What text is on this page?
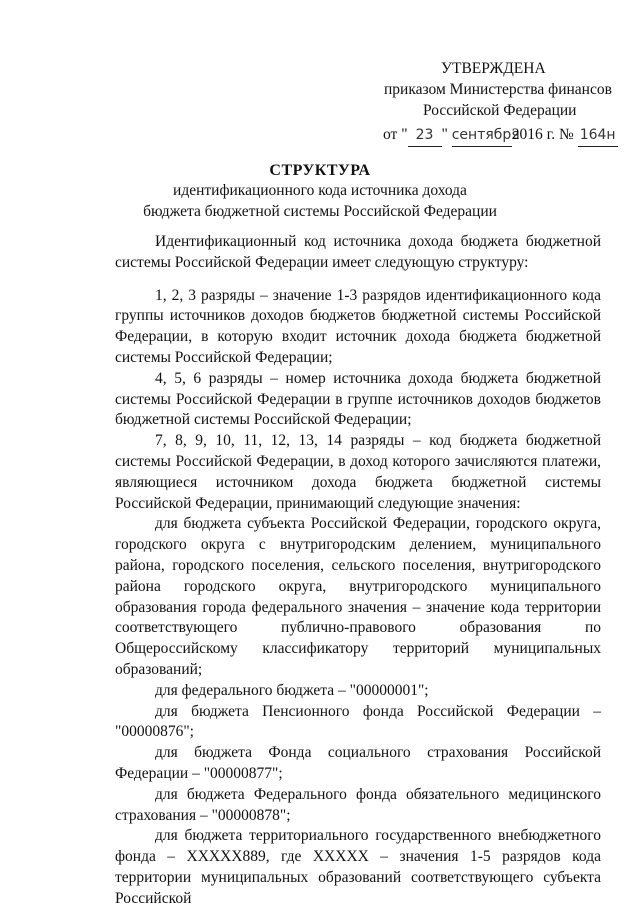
УТВЕРЖДЕНА
приказом Министерства финансов
Российской Федерации
от " 23 " сентября2016 г. № 164н
СТРУКТУРА
идентификационного кода источника дохода
бюджета бюджетной системы Российской Федерации

Идентификационный код источника дохода бюджета бюджетной системы Российской Федерации имеет следующую структуру:

1, 2, 3 разряды – значение 1-3 разрядов идентификационного кода группы источников доходов бюджетов бюджетной системы Российской Федерации, в которую входит источник дохода бюджета бюджетной системы Российской Федерации;

4, 5, 6 разряды – номер источника дохода бюджета бюджетной системы Российской Федерации в группе источников доходов бюджетов бюджетной системы Российской Федерации;

7, 8, 9, 10, 11, 12, 13, 14 разряды – код бюджета бюджетной системы Российской Федерации, в доход которого зачисляются платежи, являющиеся источником дохода бюджета бюджетной системы Российской Федерации, принимающий следующие значения:

для бюджета субъекта Российской Федерации, городского округа, городского округа с внутригородским делением, муниципального района, городского поселения, сельского поселения, внутригородского района городского округа, внутригородского муниципального образования города федерального значения – значение кода территории соответствующего публично-правового образования по Общероссийскому классификатору территорий муниципальных образований;

для федерального бюджета – "00000001";

для бюджета Пенсионного фонда Российской Федерации – "00000876";

для бюджета Фонда социального страхования Российской Федерации – "00000877";

для бюджета Федерального фонда обязательного медицинского страхования – "00000878";

для бюджета территориального государственного внебюджетного фонда – XXXXX889, где XXXXX – значения 1-5 разрядов кода территории муниципальных образований соответствующего субъекта Российской
